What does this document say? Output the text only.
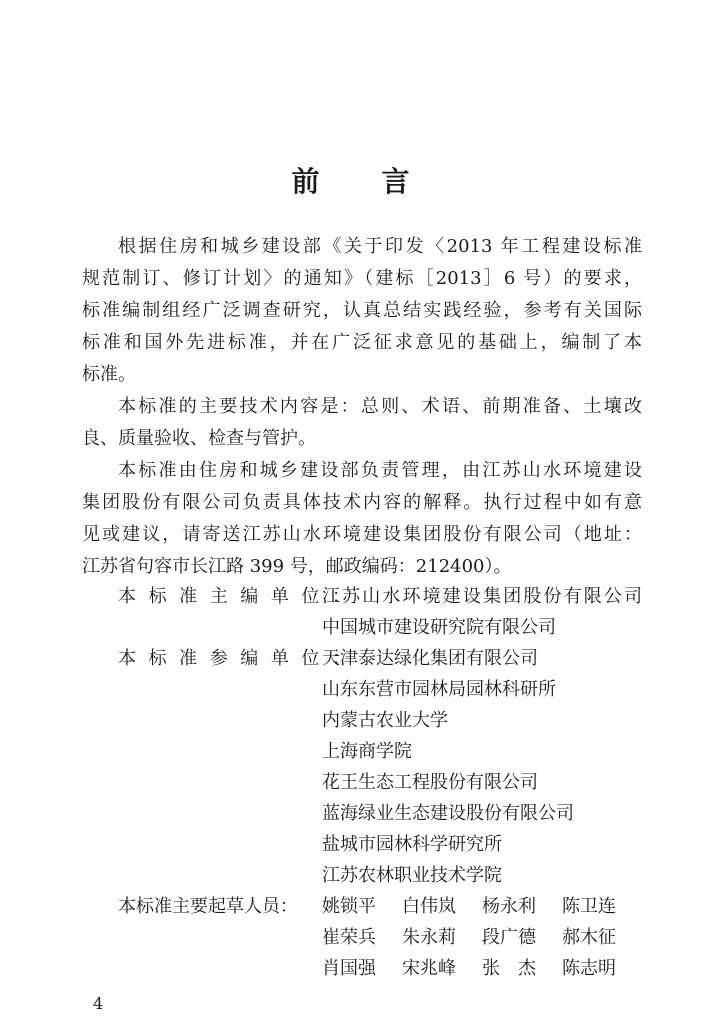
前 言

根据住房和城乡建设部《关于印发〈2013 年工程建设标准
规范制订、修订计划〉的通知》（建标［2013］6 号）的要求，
标准编制组经广泛调查研究，认真总结实践经验，参考有关国际
标准和国外先进标准，并在广泛征求意见的基础上，编制了本
标准。

本标准的主要技术内容是：总则、术语、前期准备、土壤改
良、质量验收、检查与管护。

本标准由住房和城乡建设部负责管理，由江苏山水环境建设
集团股份有限公司负责具体技术内容的解释。执行过程中如有意
见或建议，请寄送江苏山水环境建设集团股份有限公司（地址：
江苏省句容市长江路 399 号，邮政编码：212400）。

本标准主编单位：
江苏山水环境建设集团股份有限公司
中国城市建设研究院有限公司
本标准参编单位：
天津泰达绿化集团有限公司
山东东营市园林局园林科研所
内蒙古农业大学
上海商学院
花王生态工程股份有限公司
蓝海绿业生态建设股份有限公司
盐城市园林科学研究所
江苏农林职业技术学院
本标准主要起草人员： 姚锁平 白伟岚 杨永利 陈卫连
崔荣兵 朱永莉 段广德 郝木征
肖国强 宋兆峰 张　杰 陈志明
4
